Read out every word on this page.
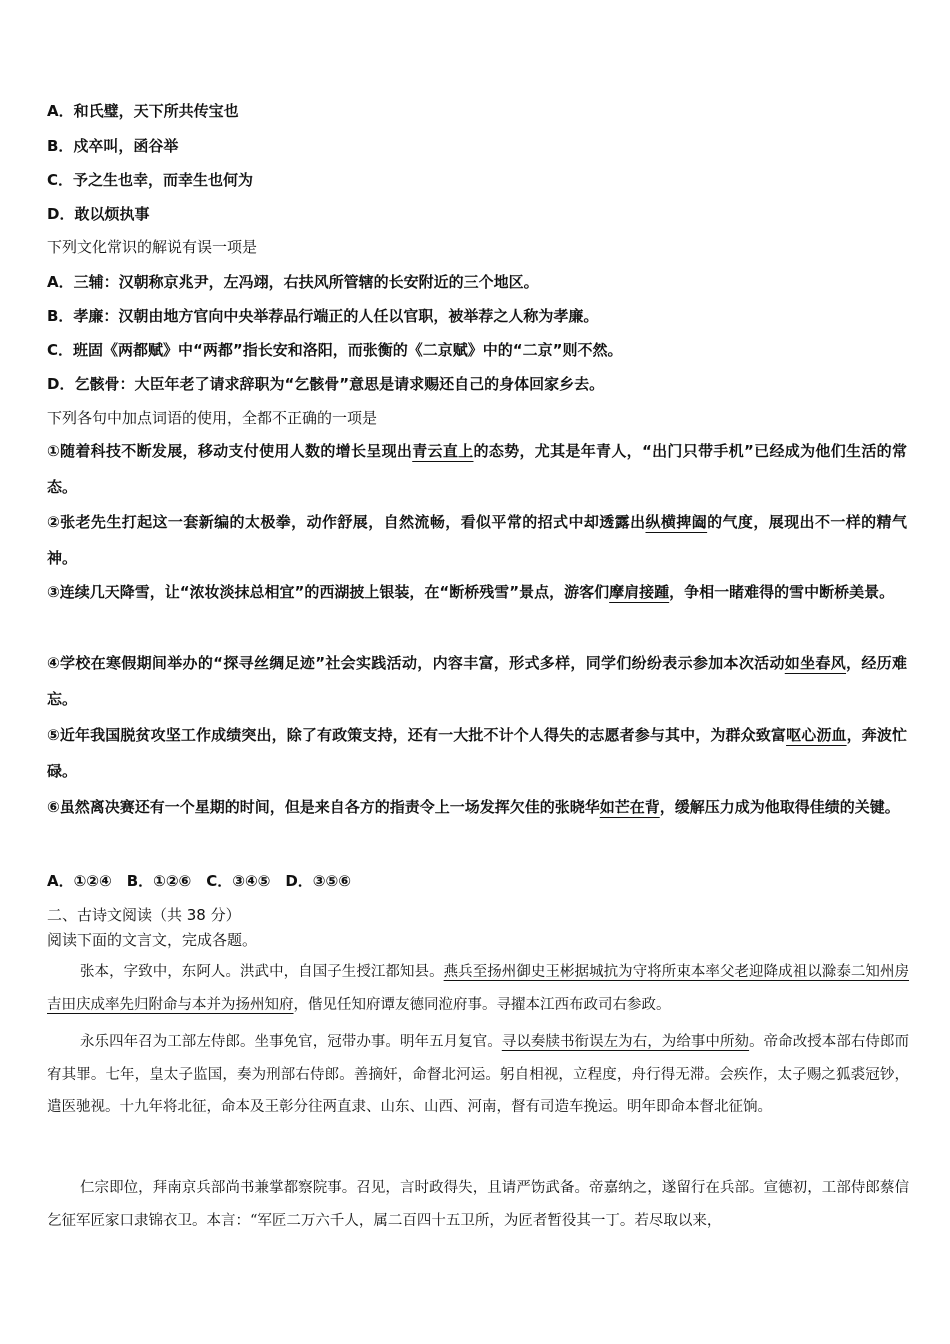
A．和氏璧，天下所共传宝也
B．戍卒叫，函谷举
C．予之生也幸，而幸生也何为
D．敢以烦执事
下列文化常识的解说有误一项是
A．三辅：汉朝称京兆尹，左冯翊，右扶风所管辖的长安附近的三个地区。
B．孝廉：汉朝由地方官向中央举荐品行端正的人任以官职，被举荐之人称为孝廉。
C．班固《两都赋》中“两都”指长安和洛阳，而张衡的《二京赋》中的“二京”则不然。
D．乞骸骨：大臣年老了请求辞职为“乞骸骨”意思是请求赐还自己的身体回家乡去。
下列各句中加点词语的使用，全都不正确的一项是
①随着科技不断发展，移动支付使用人数的增长呈现出青云直上的态势，尤其是年青人，“出门只带手机”已经成为他们生活的常态。
②张老先生打起这一套新编的太极拳，动作舒展，自然流畅，看似平常的招式中却透露出纵横捭阖的气度，展现出不一样的精气神。
③连续几天降雪，让“浓妆淡抹总相宜”的西湖披上银装，在“断桥残雪”景点，游客们摩肩接踵，争相一睹难得的雪中断桥美景。
④学校在寒假期间举办的“探寻丝绸足迹”社会实践活动，内容丰富，形式多样，同学们纷纷表示参加本次活动如坐春风，经历难忘。
⑤近年我国脱贫攻坚工作成绩突出，除了有政策支持，还有一大批不计个人得失的志愿者参与其中，为群众致富呕心沥血，奔波忙碌。
⑥虽然离决赛还有一个星期的时间，但是来自各方的指责令上一场发挥欠佳的张晓华如芒在背，缓解压力成为他取得佳绩的关键。
A．①②④　B．①②⑥　C．③④⑤　D．③⑤⑥
二、古诗文阅读（共 38 分）
阅读下面的文言文，完成各题。
张本，字致中，东阿人。洪武中，自国子生授江都知县。燕兵至扬州御史王彬据城抗为守将所束本率父老迎降成祖以滁泰二知州房吉田庆成率先归附命与本并为扬州知府，偕见任知府谭友德同涖府事。寻擢本江西布政司右参政。
永乐四年召为工部左侍郎。坐事免官，冠带办事。明年五月复官。寻以奏牍书衔误左为右，为给事中所劾。帝命改授本部右侍郎而宥其罪。七年，皇太子监国，奏为刑部右侍郎。善摘奸，命督北河运。躬自相视，立程度，舟行得无滞。会疾作，太子赐之狐裘冠钞，遣医驰视。十九年将北征，命本及王彰分往两直隶、山东、山西、河南，督有司造车挽运。明年即命本督北征饷。
仁宗即位，拜南京兵部尚书兼掌都察院事。召见，言时政得失，且请严饬武备。帝嘉纳之，遂留行在兵部。宣德初，工部侍郎蔡信乞征军匠家口隶锦衣卫。本言：“军匠二万六千人，属二百四十五卫所，为匠者暂役其一丁。若尽取以来，
